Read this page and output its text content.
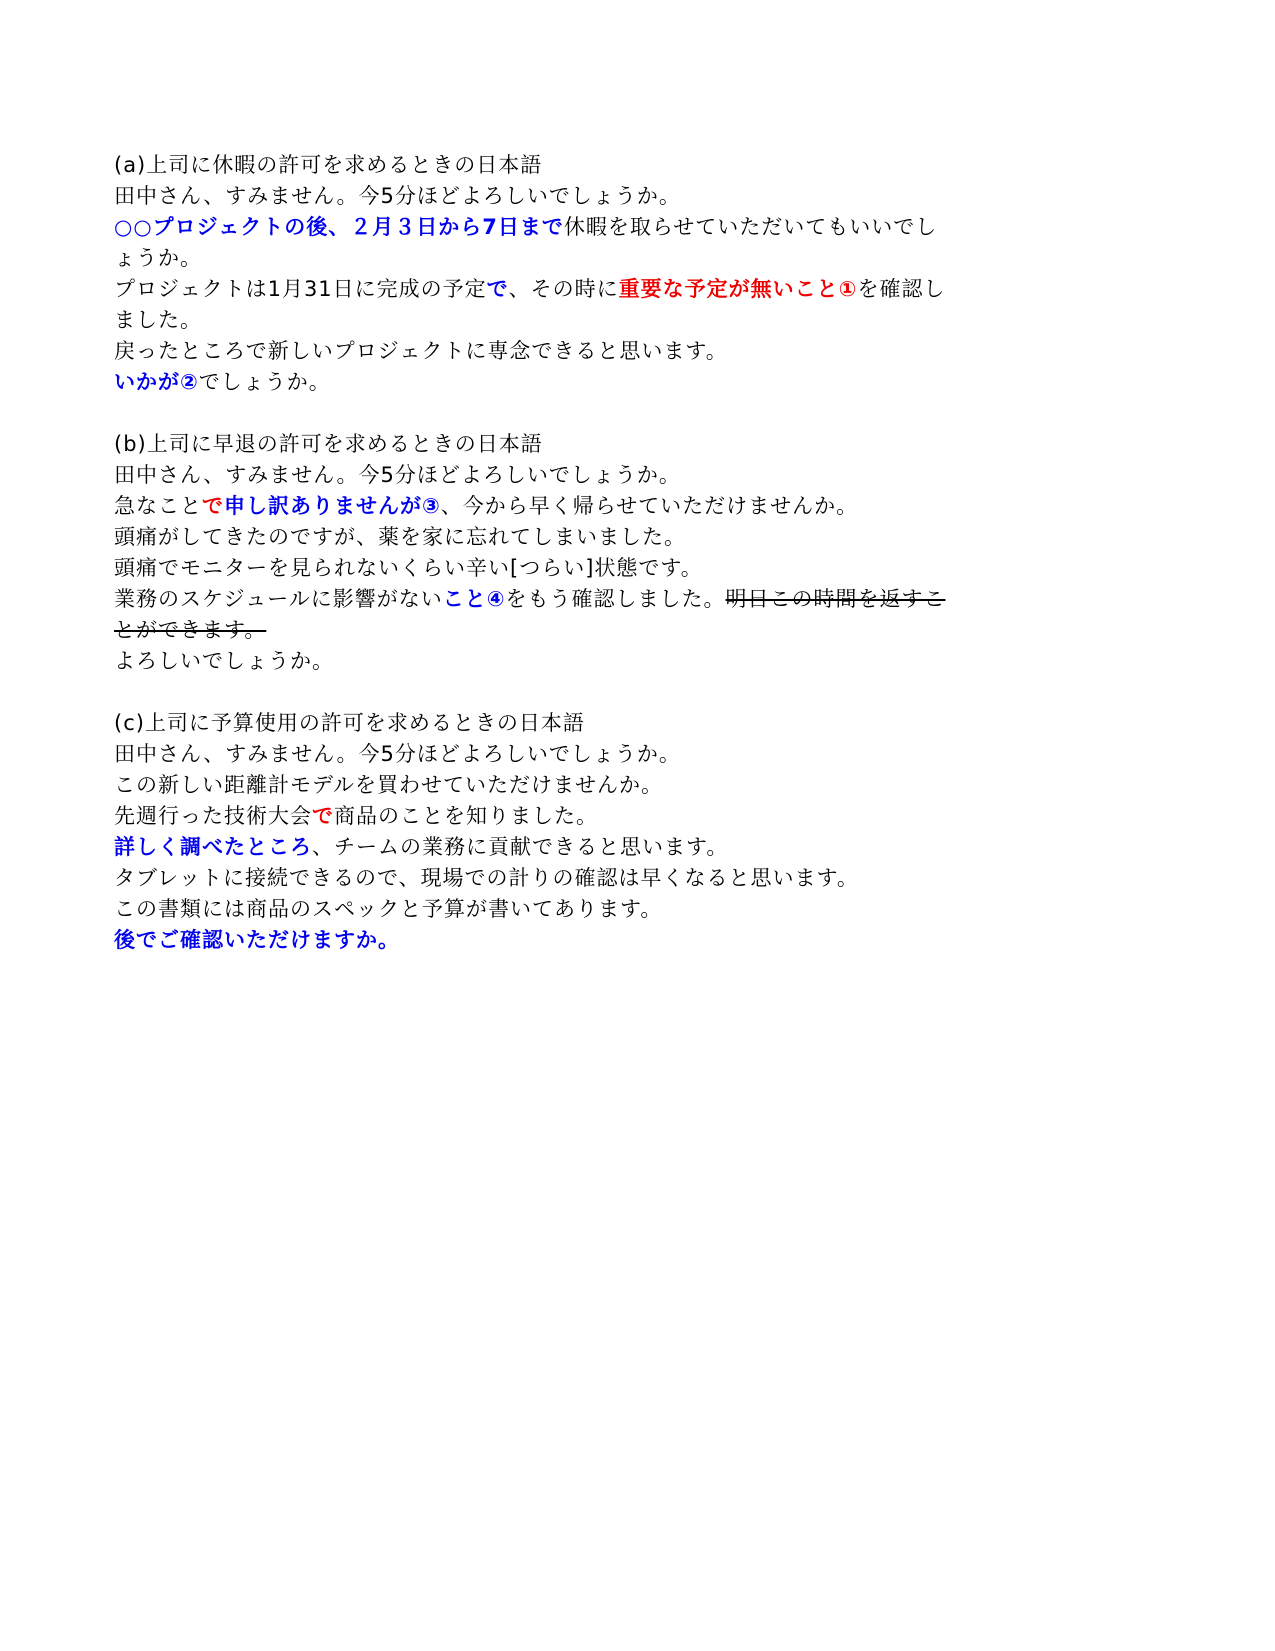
(a)上司に休暇の許可を求めるときの日本語

田中さん、すみません。今5分ほどよろしいでしょうか。

○○プロジェクトの後、２月３日から7日まで休暇を取らせていただいてもいいでしょうか。

プロジェクトは1月31日に完成の予定で、その時に重要な予定が無いこと①を確認しました。

戻ったところで新しいプロジェクトに専念できると思います。

いかが②でしょうか。

(b)上司に早退の許可を求めるときの日本語

田中さん、すみません。今5分ほどよろしいでしょうか。

急なことで申し訳ありませんが③、今から早く帰らせていただけませんか。

頭痛がしてきたのですが、薬を家に忘れてしまいました。

頭痛でモニターを見られないくらい辛い[つらい]状態です。

業務のスケジュールに影響がないこと④をもう確認しました。明日この時間を返すことができます。

よろしいでしょうか。

(c)上司に予算使用の許可を求めるときの日本語

田中さん、すみません。今5分ほどよろしいでしょうか。

この新しい距離計モデルを買わせていただけませんか。

先週行った技術大会で商品のことを知りました。

詳しく調べたところ、チームの業務に貢献できると思います。

タブレットに接続できるので、現場での計りの確認は早くなると思います。

この書類には商品のスペックと予算が書いてあります。

後でご確認いただけますか。
